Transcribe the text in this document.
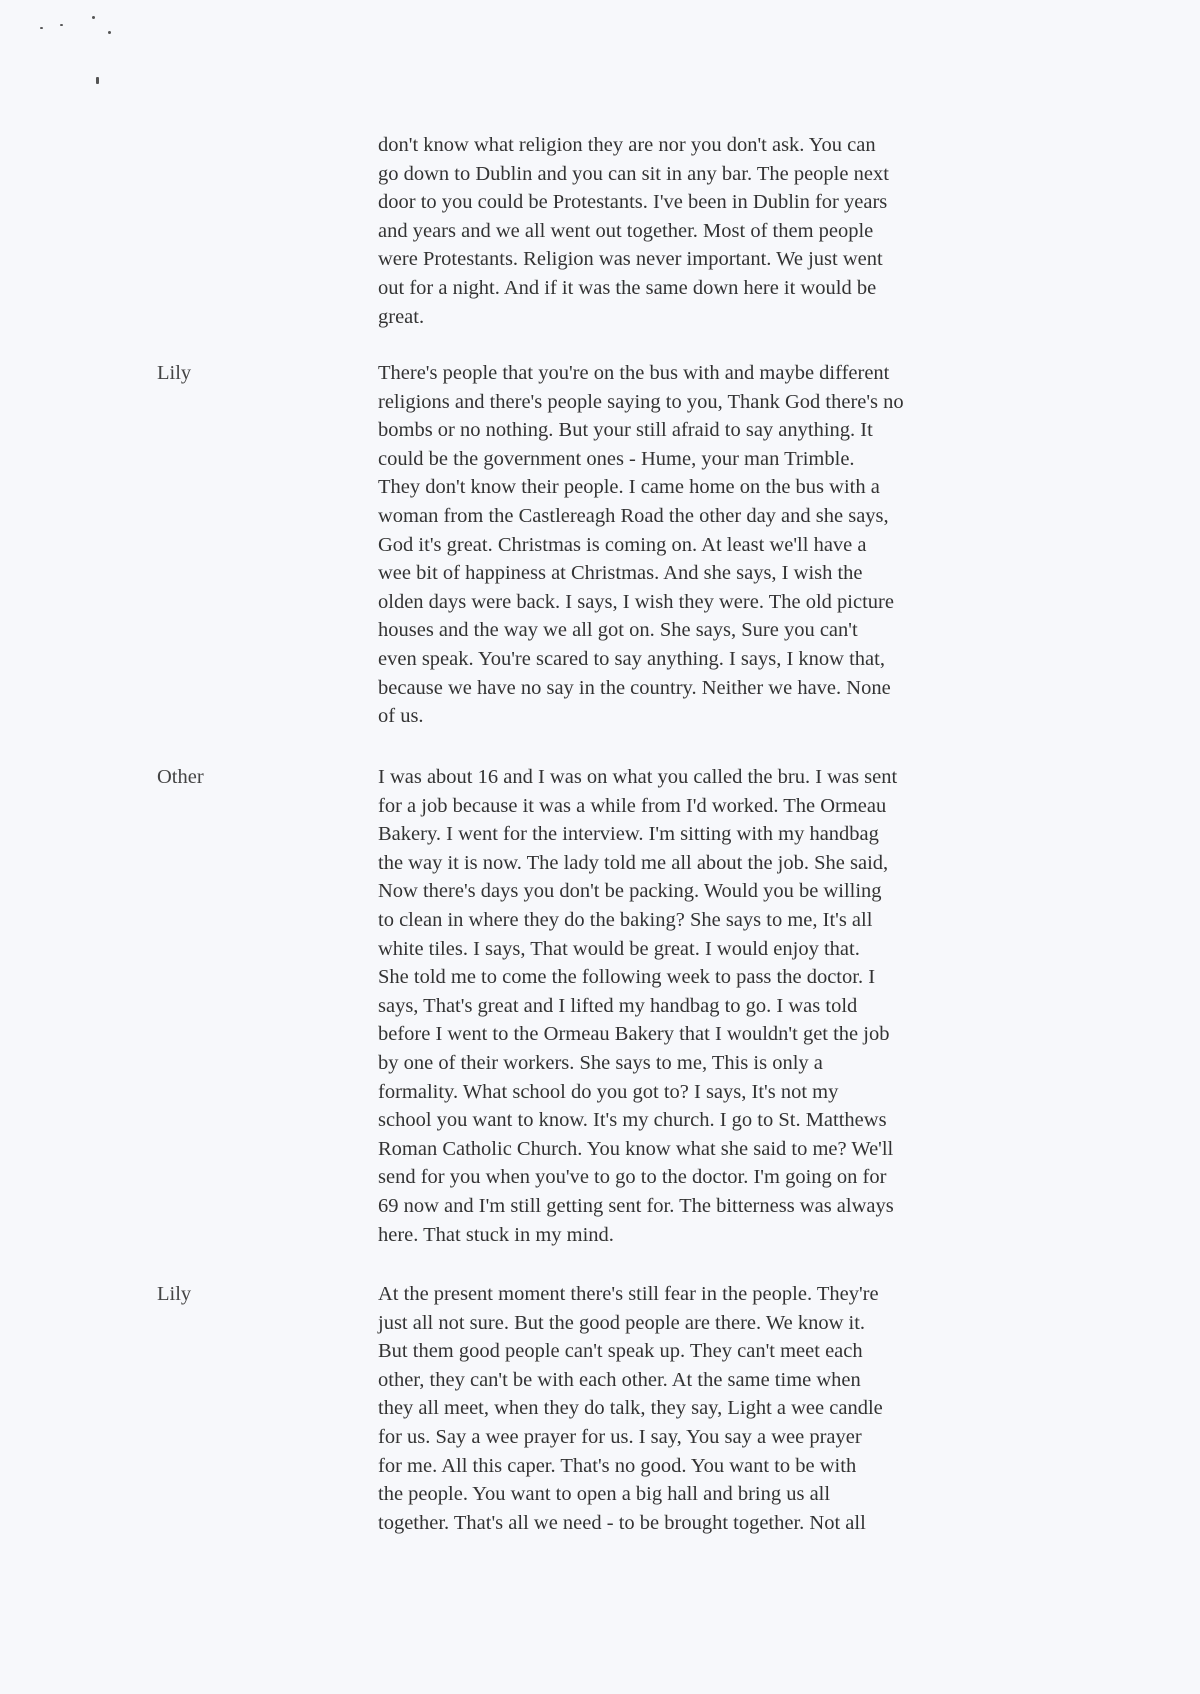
don't know what religion they are nor you don't ask. You can
go down to Dublin and you can sit in any bar. The people next
door to you could be Protestants. I've been in Dublin for years
and years and we all went out together. Most of them people
were Protestants. Religion was never important. We just went
out for a night. And if it was the same down here it would be
great.
Lily	There's people that you're on the bus with and maybe different
religions and there's people saying to you, Thank God there's no
bombs or no nothing. But your still afraid to say anything. It
could be the government ones - Hume, your man Trimble.
They don't know their people. I came home on the bus with a
woman from the Castlereagh Road the other day and she says,
God it's great. Christmas is coming on. At least we'll have a
wee bit of happiness at Christmas. And she says, I wish the
olden days were back. I says, I wish they were. The old picture
houses and the way we all got on. She says, Sure you can't
even speak. You're scared to say anything. I says, I know that,
because we have no say in the country. Neither we have. None
of us.
Other	I was about 16 and I was on what you called the bru. I was sent
for a job because it was a while from I'd worked. The Ormeau
Bakery. I went for the interview. I'm sitting with my handbag
the way it is now. The lady told me all about the job. She said,
Now there's days you don't be packing. Would you be willing
to clean in where they do the baking? She says to me, It's all
white tiles. I says, That would be great. I would enjoy that.
She told me to come the following week to pass the doctor. I
says, That's great and I lifted my handbag to go. I was told
before I went to the Ormeau Bakery that I wouldn't get the job
by one of their workers. She says to me, This is only a
formality. What school do you got to? I says, It's not my
school you want to know. It's my church. I go to St. Matthews
Roman Catholic Church. You know what she said to me? We'll
send for you when you've to go to the doctor. I'm going on for
69 now and I'm still getting sent for. The bitterness was always
here. That stuck in my mind.
Lily	At the present moment there's still fear in the people. They're
just all not sure. But the good people are there. We know it.
But them good people can't speak up. They can't meet each
other, they can't be with each other. At the same time when
they all meet, when they do talk, they say, Light a wee candle
for us. Say a wee prayer for us. I say, You say a wee prayer
for me. All this caper. That's no good. You want to be with
the people. You want to open a big hall and bring us all
together. That's all we need - to be brought together. Not all
